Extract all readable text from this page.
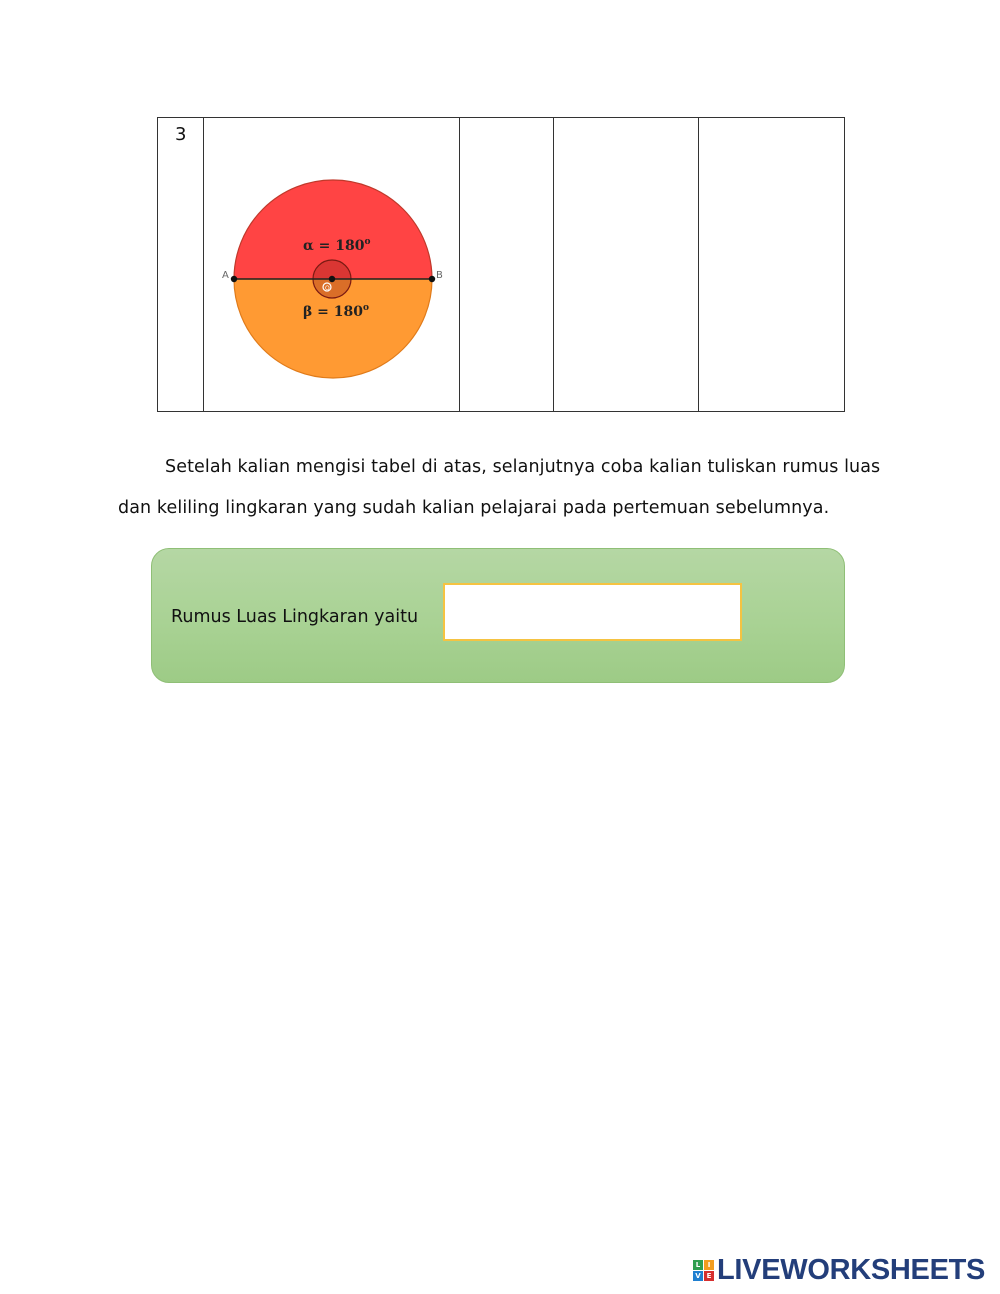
3				
O
A	B
$\alpha = 180^o$
$\beta = 180^o$
Setelah kalian mengisi tabel di atas, selanjutnya coba kalian tuliskan rumus luas
dan keliling lingkaran yang sudah kalian pelajarai pada pertemuan sebelumnya.
Rumus Luas Lingkaran yaitu
L	I
V E LIVEWORKSHEETS
